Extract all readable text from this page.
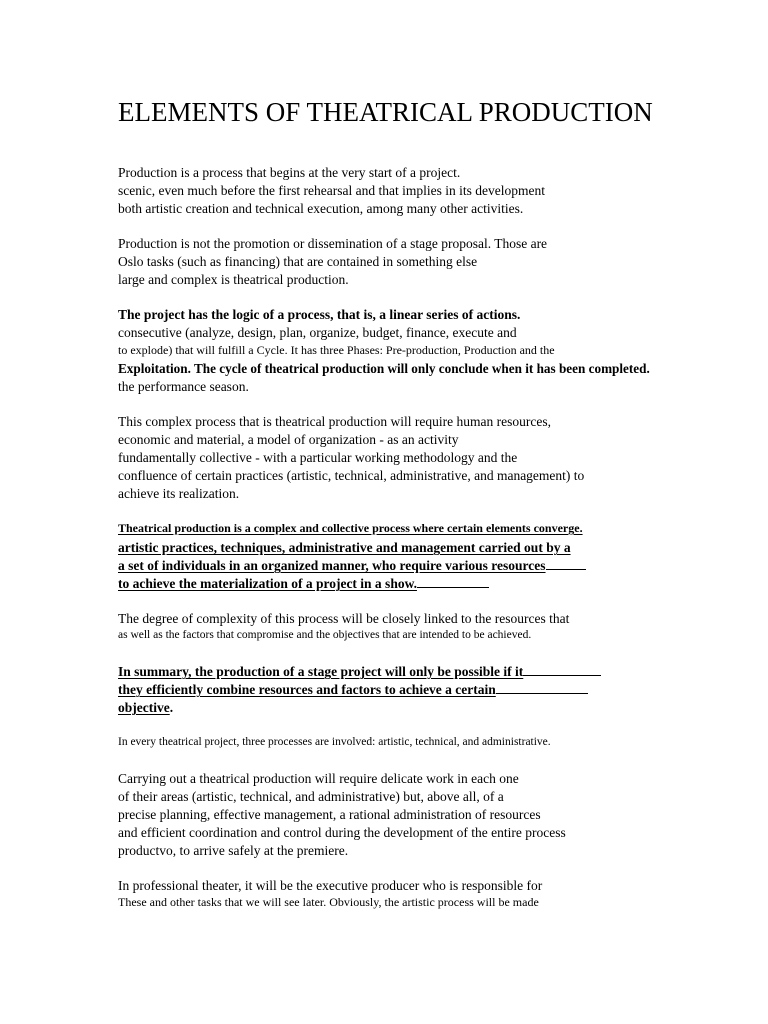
ELEMENTS OF THEATRICAL PRODUCTION
Production is a process that begins at the very start of a project.
scenic, even much before the first rehearsal and that implies in its development
both artistic creation and technical execution, among many other activities.
Production is not the promotion or dissemination of a stage proposal. Those are
Oslo tasks (such as financing) that are contained in something else
large and complex is theatrical production.
The project has the logic of a process, that is, a linear series of actions.
consecutive (analyze, design, plan, organize, budget, finance, execute and
to explode) that will fulfill a Cycle. It has three Phases: Pre-production, Production and the
Exploitation. The cycle of theatrical production will only conclude when it has been completed.
the performance season.
This complex process that is theatrical production will require human resources,
economic and material, a model of organization - as an activity
fundamentally collective - with a particular working methodology and the
confluence of certain practices (artistic, technical, administrative, and management) to
achieve its realization.
Theatrical production is a complex and collective process where certain elements converge.
artistic practices, techniques, administrative and management carried out by a
a set of individuals in an organized manner, who require various resources
to achieve the materialization of a project in a show.
The degree of complexity of this process will be closely linked to the resources that
as well as the factors that compromise and the objectives that are intended to be achieved.
In summary, the production of a stage project will only be possible if it
they efficiently combine resources and factors to achieve a certain
objective.
In every theatrical project, three processes are involved: artistic, technical, and administrative.
Carrying out a theatrical production will require delicate work in each one
of their areas (artistic, technical, and administrative) but, above all, of a
precise planning, effective management, a rational administration of resources
and efficient coordination and control during the development of the entire process
productvo, to arrive safely at the premiere.
In professional theater, it will be the executive producer who is responsible for
These and other tasks that we will see later. Obviously, the artistic process will be made
